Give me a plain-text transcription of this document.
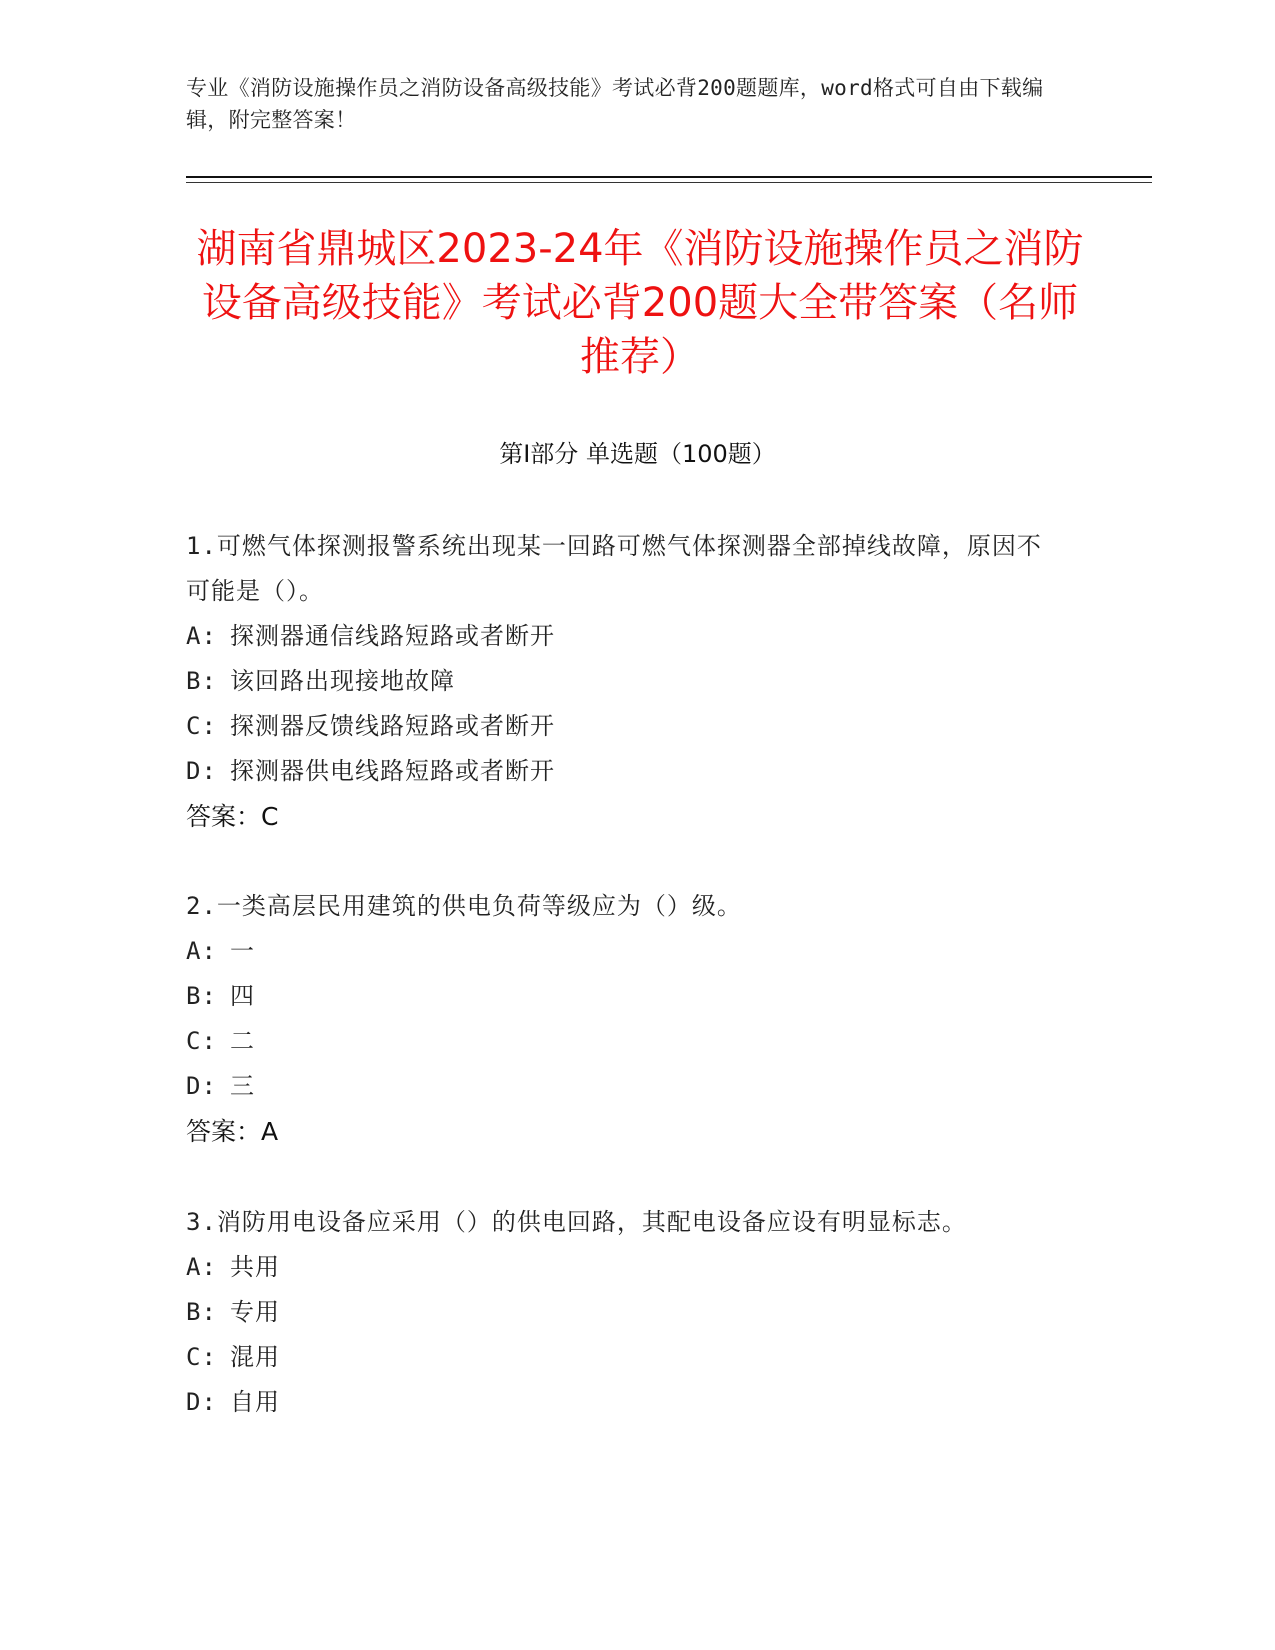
专业《消防设施操作员之消防设备高级技能》考试必背200题题库，word格式可自由下载编辑，附完整答案！
湖南省鼎城区2023-24年《消防设施操作员之消防设备高级技能》考试必背200题大全带答案（名师推荐）
第I部分 单选题（100题）
1.可燃气体探测报警系统出现某一回路可燃气体探测器全部掉线故障，原因不可能是（）。
A: 探测器通信线路短路或者断开
B: 该回路出现接地故障
C: 探测器反馈线路短路或者断开
D: 探测器供电线路短路或者断开
答案：C
2.一类高层民用建筑的供电负荷等级应为（）级。
A: 一
B: 四
C: 二
D: 三
答案：A
3.消防用电设备应采用（）的供电回路，其配电设备应设有明显标志。
A: 共用
B: 专用
C: 混用
D: 自用
